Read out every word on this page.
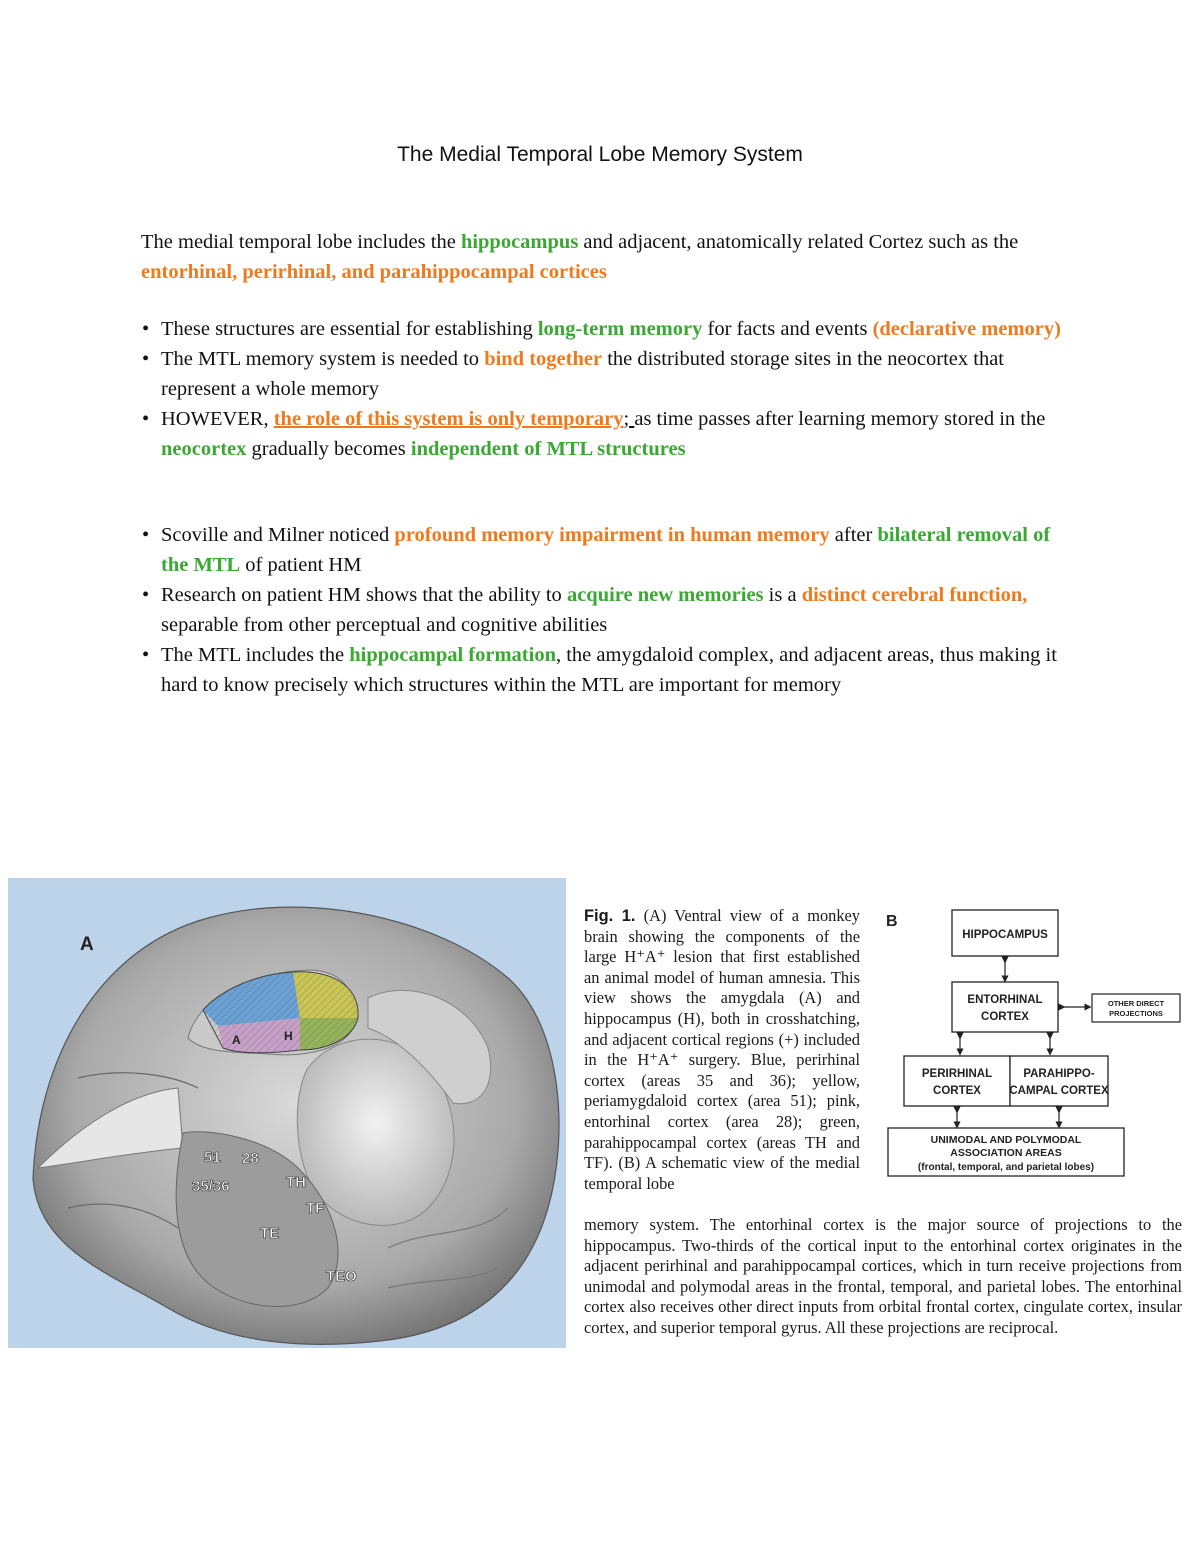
The Medial Temporal Lobe Memory System
The medial temporal lobe includes the hippocampus and adjacent, anatomically related Cortez such as the entorhinal, perirhinal, and parahippocampal cortices
• These structures are essential for establishing long-term memory for facts and events (declarative memory)
• The MTL memory system is needed to bind together the distributed storage sites in the neocortex that represent a whole memory
• HOWEVER, the role of this system is only temporary; as time passes after learning memory stored in the neocortex gradually becomes independent of MTL structures
• Scoville and Milner noticed profound memory impairment in human memory after bilateral removal of the MTL of patient HM
• Research on patient HM shows that the ability to acquire new memories is a distinct cerebral function, separable from other perceptual and cognitive abilities
• The MTL includes the hippocampal formation, the amygdaloid complex, and adjacent areas, thus making it hard to know precisely which structures within the MTL are important for memory
A
A	H
51 28
35/36	TH
TF
TE
TEO
Fig. 1. (A) Ventral view of a monkey brain showing the components of the large H⁺A⁺ lesion that first established an animal model of human amnesia. This view shows the amygdala (A) and hippocampus (H), both in crosshatching, and adjacent cortical regions (+) included in the H⁺A⁺ surgery. Blue, perirhinal cortex (areas 35 and 36); yellow, periamygdaloid cortex (area 51); pink, entorhinal cortex (area 28); green, parahippocampal cortex (areas TH and TF). (B) A schematic view of the medial temporal lobe
memory system. The entorhinal cortex is the major source of projections to the hippocampus. Two-thirds of the cortical input to the entorhinal cortex originates in the adjacent perirhinal and parahippocampal cortices, which in turn receive projections from unimodal and polymodal areas in the frontal, temporal, and parietal lobes. The entorhinal cortex also receives other direct inputs from orbital frontal cortex, cingulate cortex, insular cortex, and superior temporal gyrus. All these projections are reciprocal.
B
HIPPOCAMPUS
ENTORHINAL
CORTEX
OTHER DIRECT
PROJECTIONS
PERIRHINAL
CORTEX
PARAHIPPO-
CAMPAL CORTEX
UNIMODAL AND POLYMODAL
ASSOCIATION AREAS
(frontal, temporal, and parietal lobes)
